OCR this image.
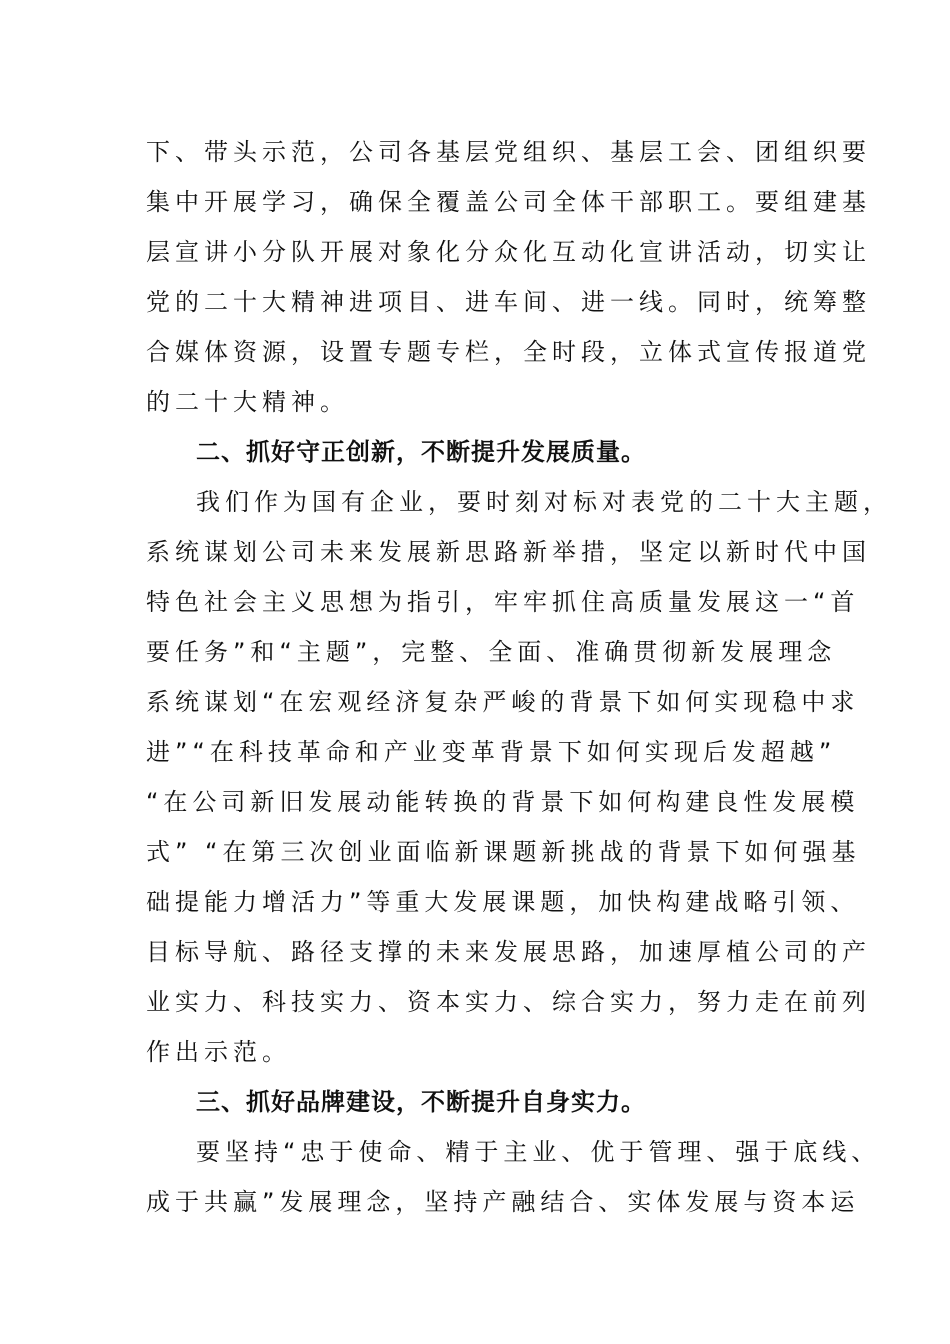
下、带头示范，公司各基层党组织、基层工会、团组织要
集中开展学习，确保全覆盖公司全体干部职工。要组建基
层宣讲小分队开展对象化分众化互动化宣讲活动，切实让
党的二十大精神进项目、进车间、进一线。同时，统筹整
合媒体资源，设置专题专栏，全时段，立体式宣传报道党
的二十大精神。
二、抓好守正创新，不断提升发展质量。
我们作为国有企业，要时刻对标对表党的二十大主题，
系统谋划公司未来发展新思路新举措，坚定以新时代中国
特色社会主义思想为指引，牢牢抓住高质量发展这一“首
要任务”和“主题”，完整、全面、准确贯彻新发展理念
系统谋划“在宏观经济复杂严峻的背景下如何实现稳中求
进”“在科技革命和产业变革背景下如何实现后发超越”
“在公司新旧发展动能转换的背景下如何构建良性发展模
式” “在第三次创业面临新课题新挑战的背景下如何强基
础提能力增活力”等重大发展课题，加快构建战略引领、
目标导航、路径支撑的未来发展思路，加速厚植公司的产
业实力、科技实力、资本实力、综合实力，努力走在前列
作出示范。
三、抓好品牌建设，不断提升自身实力。
要坚持“忠于使命、精于主业、优于管理、强于底线、
成于共赢”发展理念，坚持产融结合、实体发展与资本运
